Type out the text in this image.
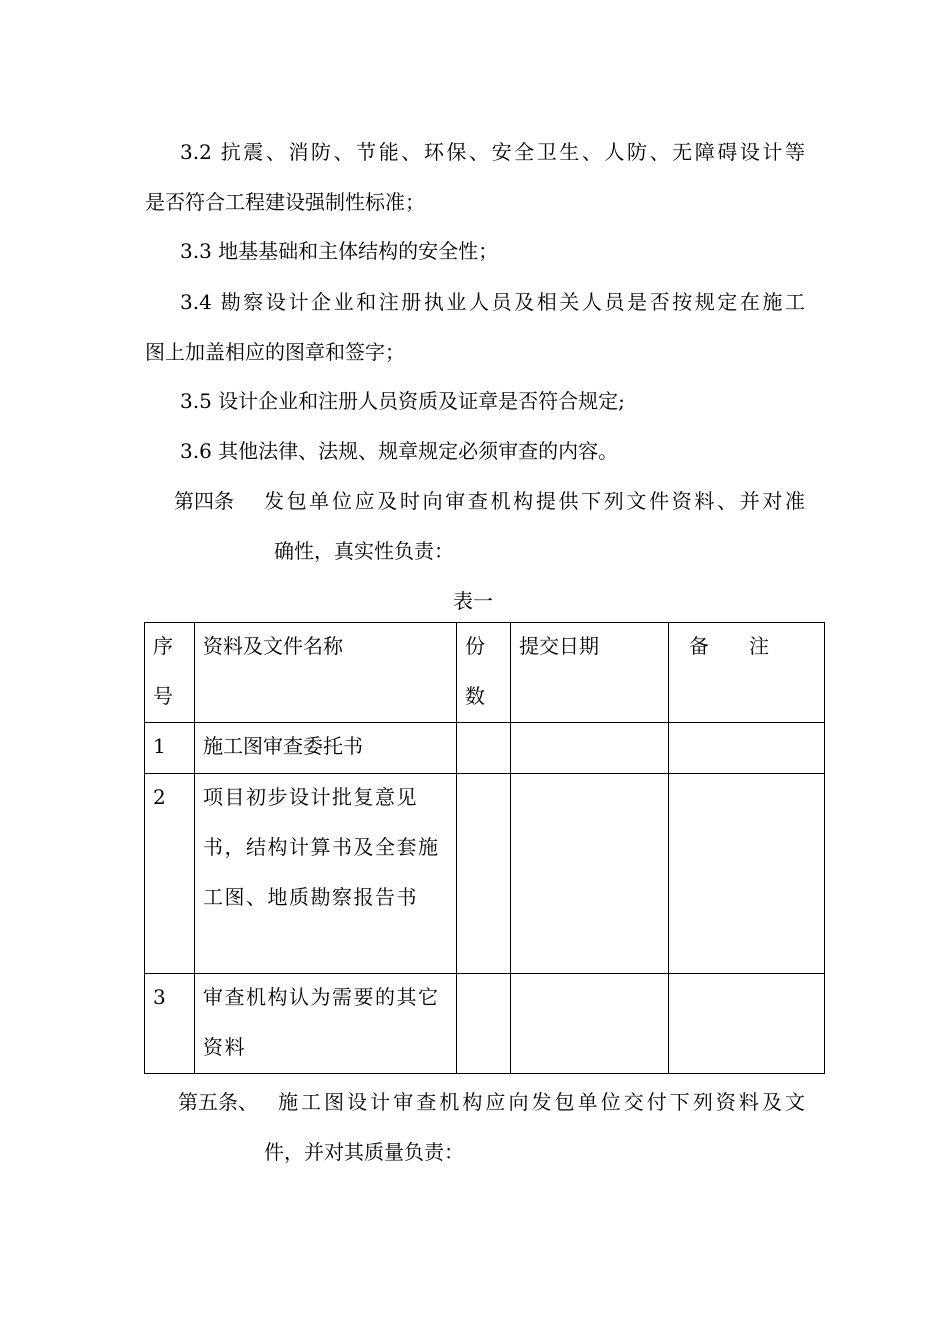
3.2 抗震、消防、节能、环保、安全卫生、人防、无障碍设计等
是否符合工程建设强制性标准；
3.3 地基基础和主体结构的安全性；
3.4 勘察设计企业和注册执业人员及相关人员是否按规定在施工
图上加盖相应的图章和签字；
3.5 设计企业和注册人员资质及证章是否符合规定;
3.6 其他法律、法规、规章规定必须审查的内容。
第四条 发包单位应及时向审查机构提供下列文件资料、并对准
确性，真实性负责：
表一
序号	资料及文件名称	份数	提交日期	备　　注

1	施工图审查委托书			

2	项目初步设计批复意见书，结构计算书及全套施工图、地质勘察报告书			

3	审查机构认为需要的其它资料			

第五条、 施工图设计审查机构应向发包单位交付下列资料及文
件，并对其质量负责：
